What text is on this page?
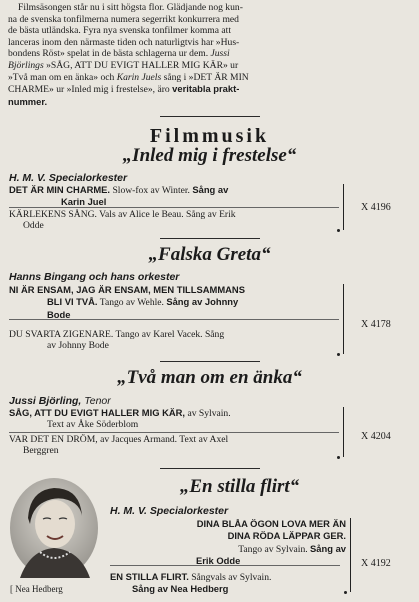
Filmsäsongen står nu i sitt högsta flor. Glädjande nog kun-
na de svenska tonfilmerna numera segerrikt konkurrera med
de bästa utländska. Fyra nya svenska tonfilmer komma att
lanceras inom den närmaste tiden och naturligtvis har »Hus-
bondens Röst» spelat in de bästa schlagerna ur dem. Jussi
Björlings »SÅG, ATT DU EVIGT HALLER MIG KÄR» ur
»Två man om en änka» och Karin Juels sång i »DET ÄR MIN
CHARME» ur »Inled mig i frestelse», äro veritabla prakt-
nummer.
Filmmusik
„Inled mig i frestelse“
H. M. V. Specialorkester
DET ÄR MIN CHARME. Slow-fox av Winter. Sång av
Karin Juel
KÄRLEKENS SÅNG. Vals av Alice le Beau. Sång av Erik
Odde
X 4196
„Falska Greta“
Hanns Bingang och hans orkester
NI ÄR ENSAM, JAG ÄR ENSAM, MEN TILLSAMMANS
BLI VI TVÅ. Tango av Wehle. Sång av Johnny
Bode
DU SVARTA ZIGENARE. Tango av Karel Vacek. Sång
av Johnny Bode
X 4178
„Två man om en änka“
Jussi Björling, Tenor
SÅG, ATT DU EVIGT HALLER MIG KÄR, av Sylvain.
Text av Åke Söderblom
VAR DET EN DRÖM, av Jacques Armand. Text av Axel
Berggren
X 4204
[ Nea Hedberg
„En stilla flirt“
H. M. V. Specialorkester
DINA BLÅA ÖGON LOVA MER ÄN
DINA RÖDA LÄPPAR GER.
Tango av Sylvain. Sång av
Erik Odde
EN STILLA FLIRT. Sångvals av Sylvain.
Sång av Nea Hedberg
X 4192
